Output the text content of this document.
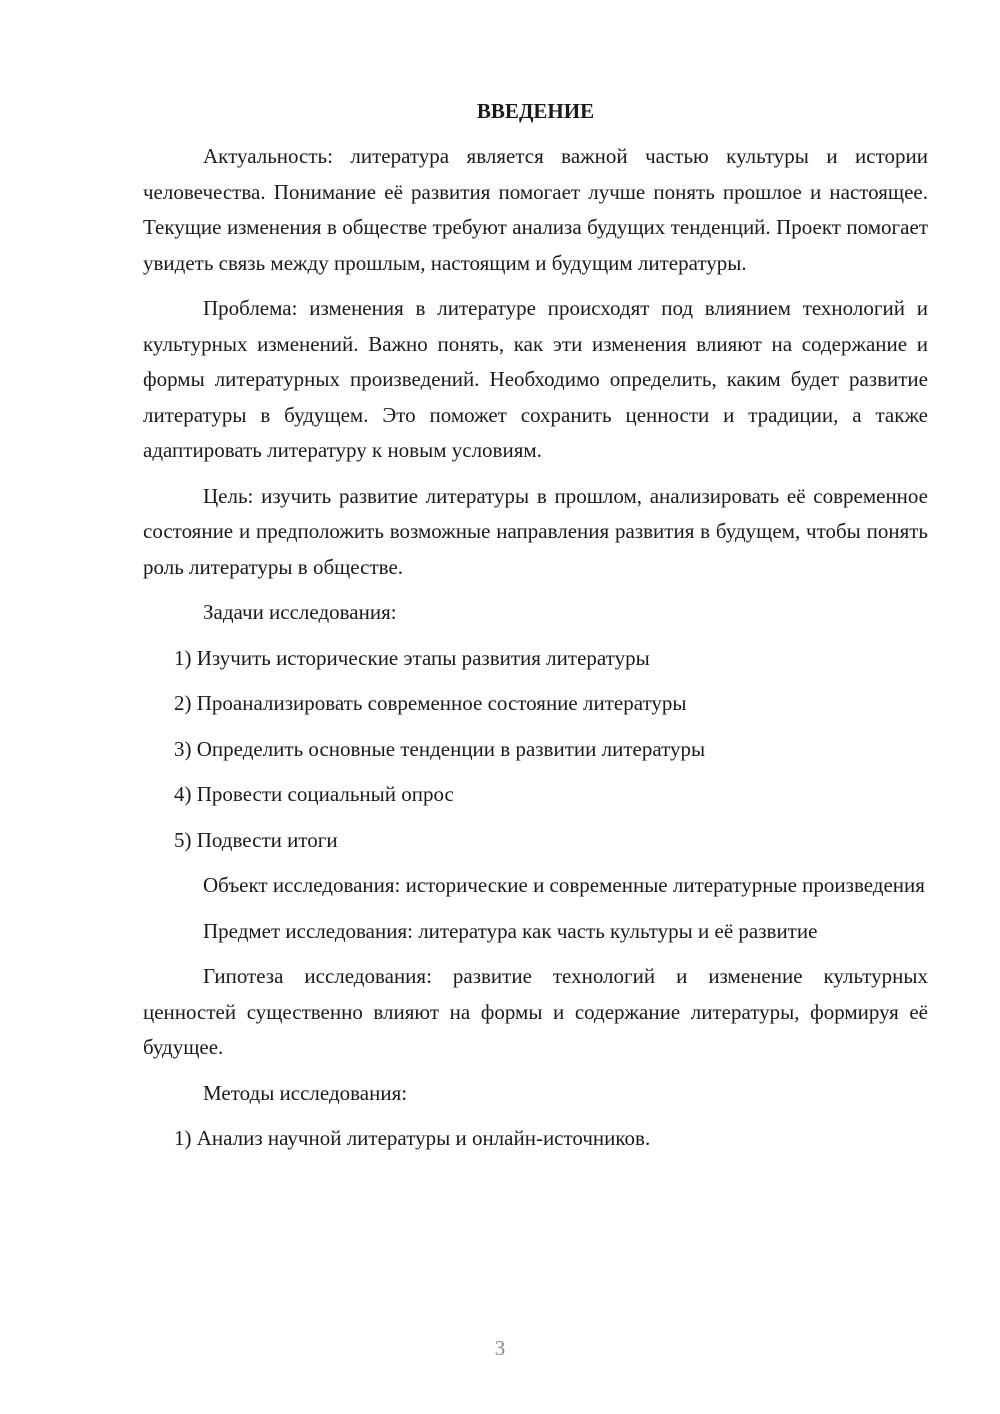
ВВЕДЕНИЕ

Актуальность: литература является важной частью культуры и истории человечества. Понимание её развития помогает лучше понять прошлое и настоящее. Текущие изменения в обществе требуют анализа будущих тенденций. Проект помогает увидеть связь между прошлым, настоящим и будущим литературы.

Проблема: изменения в литературе происходят под влиянием технологий и культурных изменений. Важно понять, как эти изменения влияют на содержание и формы литературных произведений. Необходимо определить, каким будет развитие литературы в будущем. Это поможет сохранить ценности и традиции, а также адаптировать литературу к новым условиям.

Цель: изучить развитие литературы в прошлом, анализировать её современное состояние и предположить возможные направления развития в будущем, чтобы понять роль литературы в обществе.

Задачи исследования:

1) Изучить исторические этапы развития литературы
2) Проанализировать современное состояние литературы
3) Определить основные тенденции в развитии литературы
4) Провести социальный опрос
5) Подвести итоги

Объект исследования: исторические и современные литературные произведения

Предмет исследования: литература как часть культуры и её развитие

Гипотеза исследования: развитие технологий и изменение культурных ценностей существенно влияют на формы и содержание литературы, формируя её будущее.

Методы исследования:

1) Анализ научной литературы и онлайн-источников.
3
